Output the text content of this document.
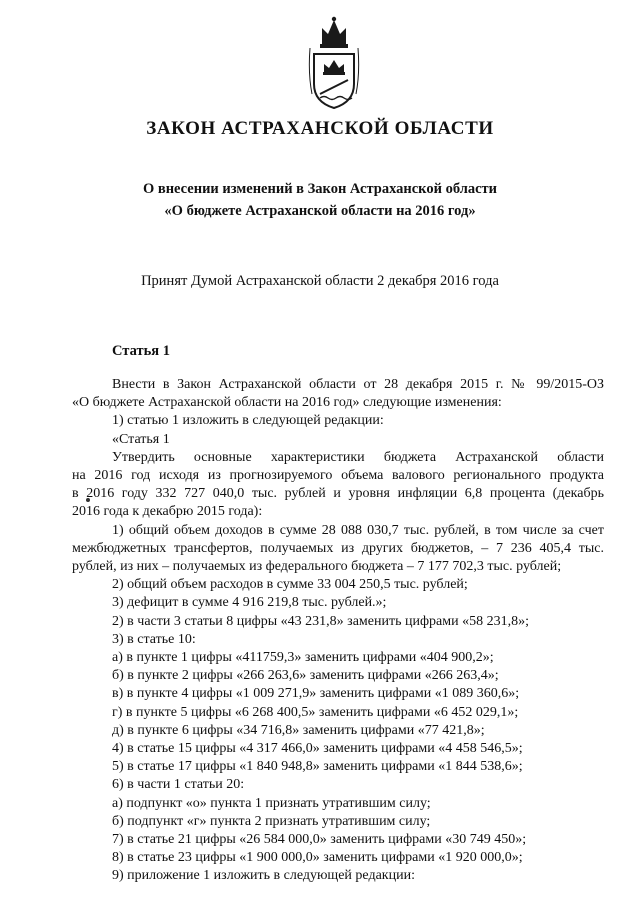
ЗАКОН АСТРАХАНСКОЙ ОБЛАСТИ
О внесении изменений в Закон Астраханской области
«О бюджете Астраханской области на 2016 год»
Принят Думой Астраханской области 2 декабря 2016 года
Статья 1
Внести в Закон Астраханской области от 28 декабря 2015 г. № 99/2015-ОЗ
«О бюджете Астраханской области на 2016 год» следующие изменения:
1) статью 1 изложить в следующей редакции:
«Статья 1
Утвердить основные характеристики бюджета Астраханской области
на 2016 год исходя из прогнозируемого объема валового регионального продукта
в 2016 году 332 727 040,0 тыс. рублей и уровня инфляции 6,8 процента (декабрь
2016 года к декабрю 2015 года):
1) общий объем доходов в сумме 28 088 030,7 тыс. рублей, в том числе за счет
межбюджетных трансфертов, получаемых из других бюджетов, – 7 236 405,4 тыс.
рублей, из них – получаемых из федерального бюджета – 7 177 702,3 тыс. рублей;
2) общий объем расходов в сумме 33 004 250,5 тыс. рублей;
3) дефицит в сумме 4 916 219,8 тыс. рублей.»;
2) в части 3 статьи 8 цифры «43 231,8» заменить цифрами «58 231,8»;
3) в статье 10:
а) в пункте 1 цифры «411759,3» заменить цифрами «404 900,2»;
б) в пункте 2 цифры «266 263,6» заменить цифрами «266 263,4»;
в) в пункте 4 цифры «1 009 271,9» заменить цифрами «1 089 360,6»;
г) в пункте 5 цифры «6 268 400,5» заменить цифрами «6 452 029,1»;
д) в пункте 6 цифры «34 716,8» заменить цифрами «77 421,8»;
4) в статье 15 цифры «4 317 466,0» заменить цифрами «4 458 546,5»;
5) в статье 17 цифры «1 840 948,8» заменить цифрами «1 844 538,6»;
6) в части 1 статьи 20:
а) подпункт «о» пункта 1 признать утратившим силу;
б) подпункт «г» пункта 2 признать утратившим силу;
7) в статье 21 цифры «26 584 000,0» заменить цифрами «30 749 450»;
8) в статье 23 цифры «1 900 000,0» заменить цифрами «1 920 000,0»;
9) приложение 1 изложить в следующей редакции:
